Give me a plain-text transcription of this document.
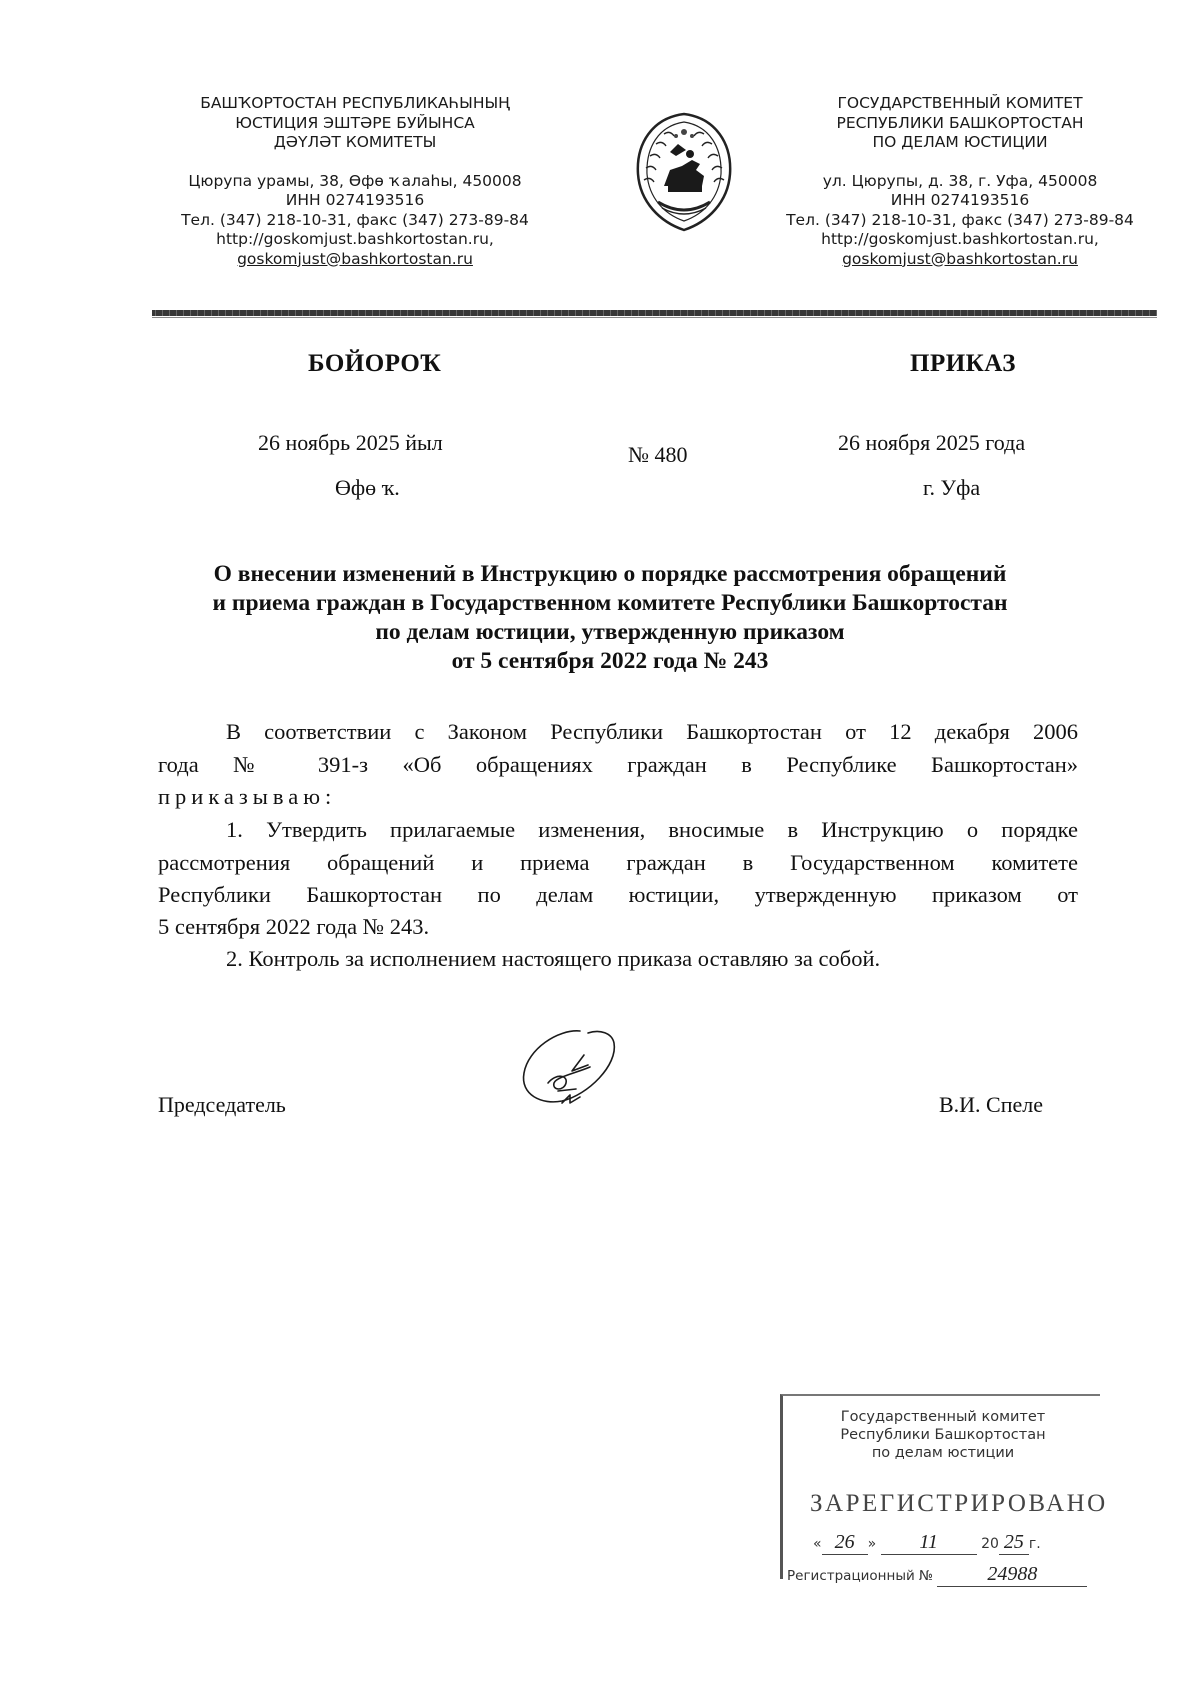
БАШҠОРТОСТАН РЕСПУБЛИКАҺЫНЫҢ
ЮСТИЦИЯ ЭШТӘРЕ БУЙЫНСА
ДӘҮЛӘТ КОМИТЕТЫ
Цюрупа урамы, 38, Өфө ҡалаһы, 450008
ИНН 0274193516
Тел. (347) 218-10-31, факс (347) 273-89-84
http://goskomjust.bashkortostan.ru,
goskomjust@bashkortostan.ru
ГОСУДАРСТВЕННЫЙ КОМИТЕТ
РЕСПУБЛИКИ БАШКОРТОСТАН
ПО ДЕЛАМ ЮСТИЦИИ
ул. Цюрупы, д. 38, г. Уфа, 450008
ИНН 0274193516
Тел. (347) 218-10-31, факс (347) 273-89-84
http://goskomjust.bashkortostan.ru,
goskomjust@bashkortostan.ru
БОЙОРОҠ	ПРИКАЗ
26 ноябрь 2025 йыл	№ 480	26 ноября 2025 года
Өфө ҡ.	г. Уфа
О внесении изменений в Инструкцию о порядке рассмотрения обращений
и приема граждан в Государственном комитете Республики Башкортостан
по делам юстиции, утвержденную приказом
от 5 сентября 2022 года № 243
В соответствии с Законом Республики Башкортостан от 12 декабря 2006
года № 391-з «Об обращениях граждан в Республике Башкортостан»
приказываю:
1. Утвердить прилагаемые изменения, вносимые в Инструкцию о порядке
рассмотрения обращений и приема граждан в Государственном комитете
Республики Башкортостан по делам юстиции, утвержденную приказом от
5 сентября 2022 года № 243.
2. Контроль за исполнением настоящего приказа оставляю за собой.
Председатель	В.И. Спеле
Государственный комитет
Республики Башкортостан
по делам юстиции
ЗАРЕГИСТРИРОВАНО
« 26 » 11	20 25 г.
Регистрационный №	24988
